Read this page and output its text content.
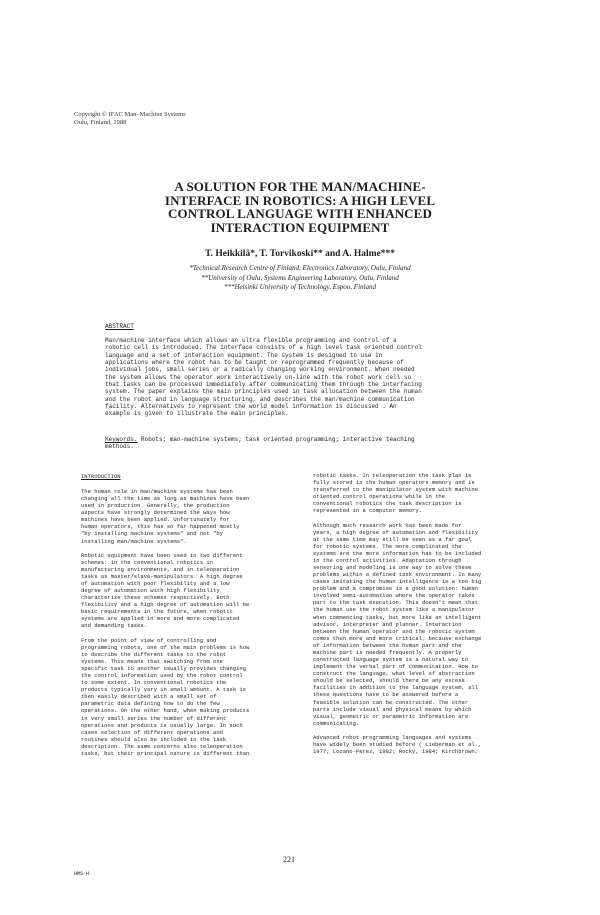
Copyright © IFAC Man–Machine Systems
Oulu, Finland, 1988
A SOLUTION FOR THE MAN/MACHINE-
INTERFACE IN ROBOTICS: A HIGH LEVEL
CONTROL LANGUAGE WITH ENHANCED
INTERACTION EQUIPMENT
T. Heikkilä*, T. Torvikoski** and A. Halme***
*Technical Research Centre of Finland, Electronics Laboratory, Oulu, Finland
**University of Oulu, Systems Engineering Laboratory, Oulu, Finland
***Helsinki University of Technology, Espoo, Finland
ABSTRACT
Man/machine interface which allows an ultra flexible programming and control of a
robotic cell is introduced. The interface consists of a high level task oriented control
language and a set of interaction equipment. The system is designed to use in
applications where the robot has to be taught or reprogrammed frequently because of
individual jobs, small series or a radically changing working environment. When needed
the system allows the operator work interactively on-line with the robot work cell so
that tasks can be processed immediately after communicating them through the interfacing
system. The paper explains the main principles used in task allocation between the human
and the robot and in language structuring, and describes the man/machine communication
facility. Alternatives to represent the world model information is discussed . An
example is given to illustrate the main principles.
Keywords. Robots; man-machine systems; task oriented programming; interactive teaching
methods.
INTRODUCTION
The human role in man/machine systems has been
changing all the time as long as machines have been
used in production. Generally, the production
aspects have strongly determined the ways how
machines have been applied. Unfortunately for
human operators, this has so far happened mostly
"by installing machine systems" and not "by
installing man/machine systems".
Robotic equipment have been used in two different
schemes: in the conventional robotics in
manufacturing environments, and in teleoperation
tasks as master/slave-manipulators. A high degree
of automation with poor flexibility and a low
degree of automation with high flexibility
characterize these schemes respectively. Both
flexibility and a high degree of automation will be
basic requirements in the future, when robotic
systems are applied in more and more complicated
and demanding tasks.
From the point of view of controlling and
programming robots, one of the main problems is how
to describe the different tasks to the robot
systems. This means that switching from one
specific task to another usually provides changing
the control information used by the robot control
to some extent. In conventional robotics the
products typically vary in small amount. A task is
then easily described with a small set of
parametric data defining how to do the few
operations. On the other hand, when making products
in very small series the number of different
operations and products is usually large. In such
cases selection of different operations and
routines should also be included in the task
description. The same concerns also teleoperation
tasks, but their principal nature is different than
robotic tasks. In teleoperation the task plan is
fully stored in the human operators memory and is
transferred to the manipulator system with machine
oriented control operations while in the
conventional robotics the task description is
represented in a computer memory.
Although much research work has been made for
years, a high degree of automation and flexibility
at the same time may still be seen as a far goal
for robotic systems. The more complicated the
systems are the more information has to be included
in the control activities. Adaptation through
sensoring and modeling is one way to solve these
problems within a defined task environment. In many
cases imitating the human intelligence is a too big
problem and a compromise is a good solution: human
involved semi-automation where the operator takes
part to the task execution. This doesn't mean that
the human use the robot system like a manipulator
when commencing tasks, but more like an intelligent
advisor, interpreter and planner. Interaction
between the human operator and the robotic system
comes then more and more critical, because exchange
of information between the human part and the
machine part is needed frequently. A properly
constructed language system is a natural way to
implement the verbal part of communication. How to
construct the language, what level of abstraction
should be selected, should there be any excess
facilities in addition to the language system, all
these questions have to be answered before a
feasible solution can be constructed. The other
parts include visual and physical means by which
visual, geometric or parametric information are
communicating.
Advanced robot programming languages and systems
have widely been studied before ( Lieberman et al.,
1977; Lozano-Perez, 1982; Rocky, 1984; Kirchbrown,
221
HMS-H
